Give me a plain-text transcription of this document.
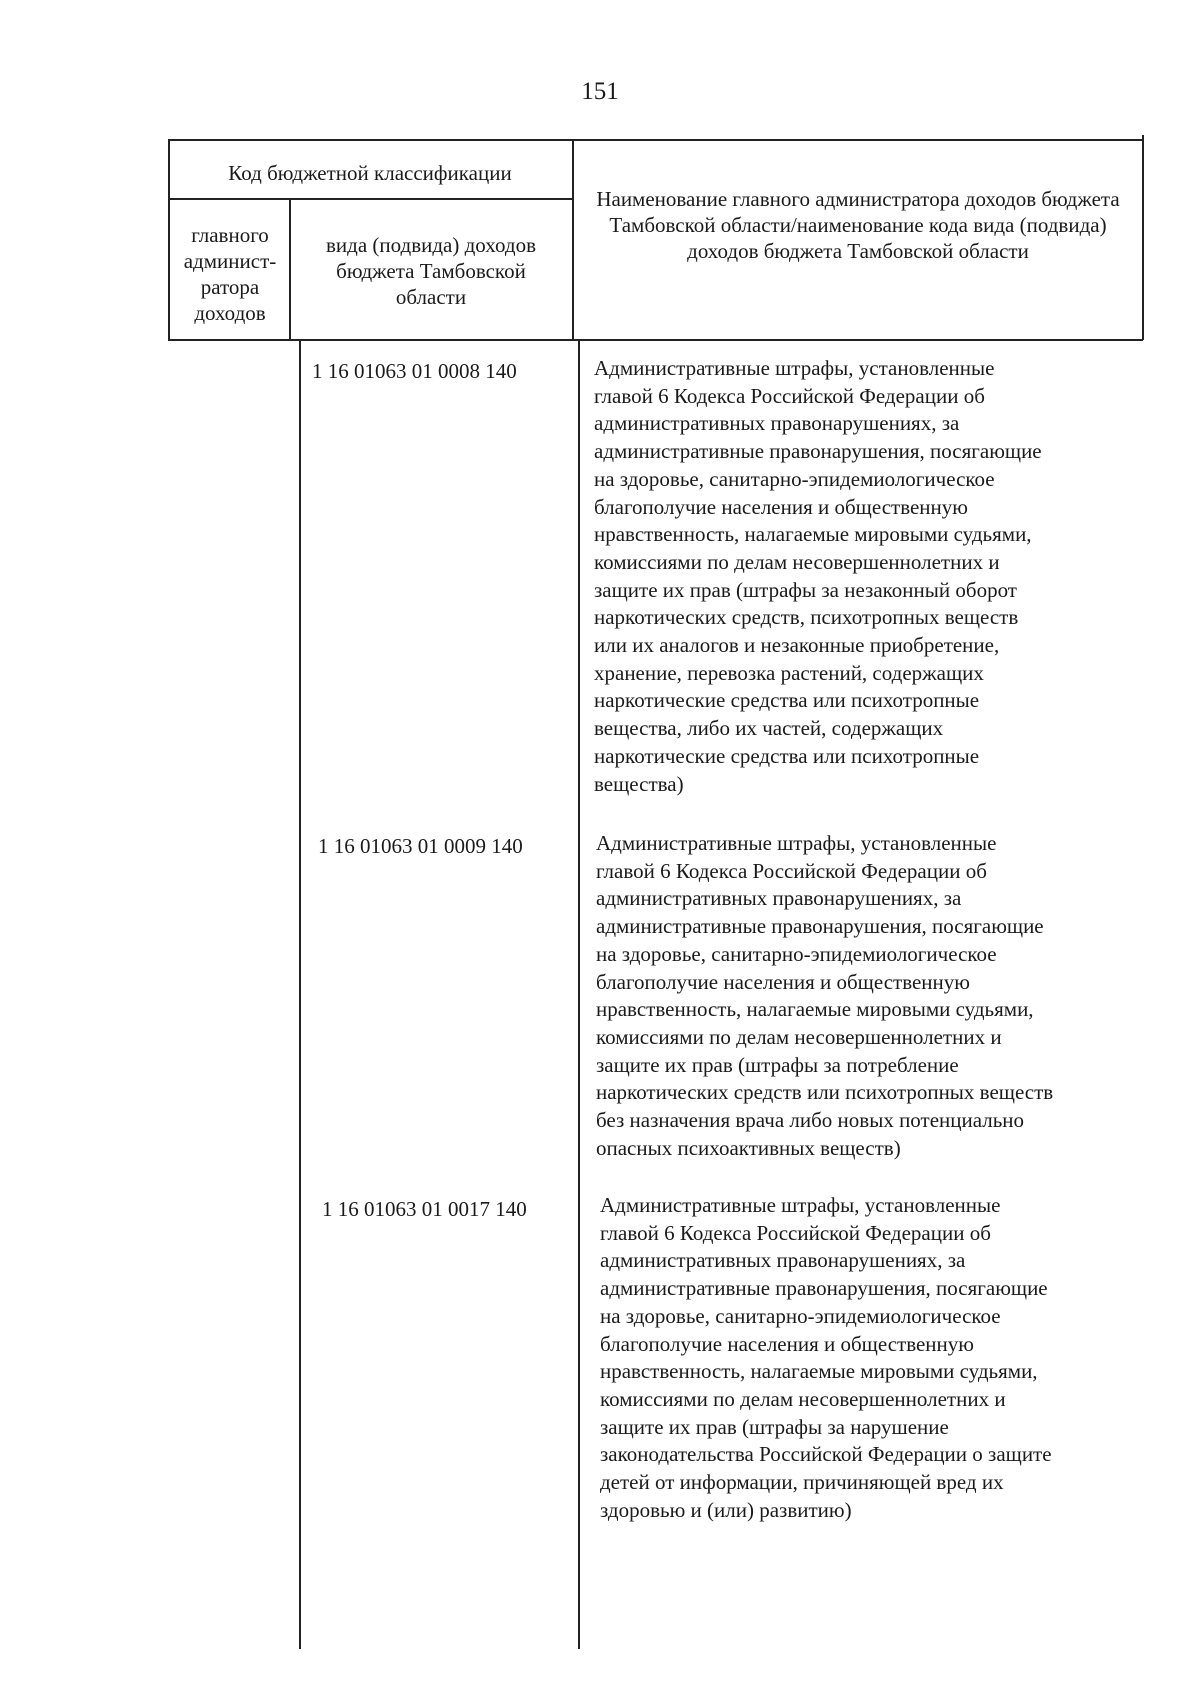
151
Код бюджетной классификации
главного админист-ратора доходов
вида (подвида) доходов бюджета Тамбовской области
Наименование главного администратора доходов бюджета Тамбовской области/наименование кода вида (подвида) доходов бюджета Тамбовской области
1 16 01063 01 0008 140	Административные штрафы, установленные
главой 6 Кодекса Российской Федерации об
административных правонарушениях, за
административные правонарушения, посягающие
на здоровье, санитарно-эпидемиологическое
благополучие населения и общественную
нравственность, налагаемые мировыми судьями,
комиссиями по делам несовершеннолетних и
защите их прав (штрафы за незаконный оборот
наркотических средств, психотропных веществ
или их аналогов и незаконные приобретение,
хранение, перевозка растений, содержащих
наркотические средства или психотропные
вещества, либо их частей, содержащих
наркотические средства или психотропные
вещества)
1 16 01063 01 0009 140	Административные штрафы, установленные
главой 6 Кодекса Российской Федерации об
административных правонарушениях, за
административные правонарушения, посягающие
на здоровье, санитарно-эпидемиологическое
благополучие населения и общественную
нравственность, налагаемые мировыми судьями,
комиссиями по делам несовершеннолетних и
защите их прав (штрафы за потребление
наркотических средств или психотропных веществ
без назначения врача либо новых потенциально
опасных психоактивных веществ)
1 16 01063 01 0017 140	Административные штрафы, установленные
главой 6 Кодекса Российской Федерации об
административных правонарушениях, за
административные правонарушения, посягающие
на здоровье, санитарно-эпидемиологическое
благополучие населения и общественную
нравственность, налагаемые мировыми судьями,
комиссиями по делам несовершеннолетних и
защите их прав (штрафы за нарушение
законодательства Российской Федерации о защите
детей от информации, причиняющей вред их
здоровью и (или) развитию)
